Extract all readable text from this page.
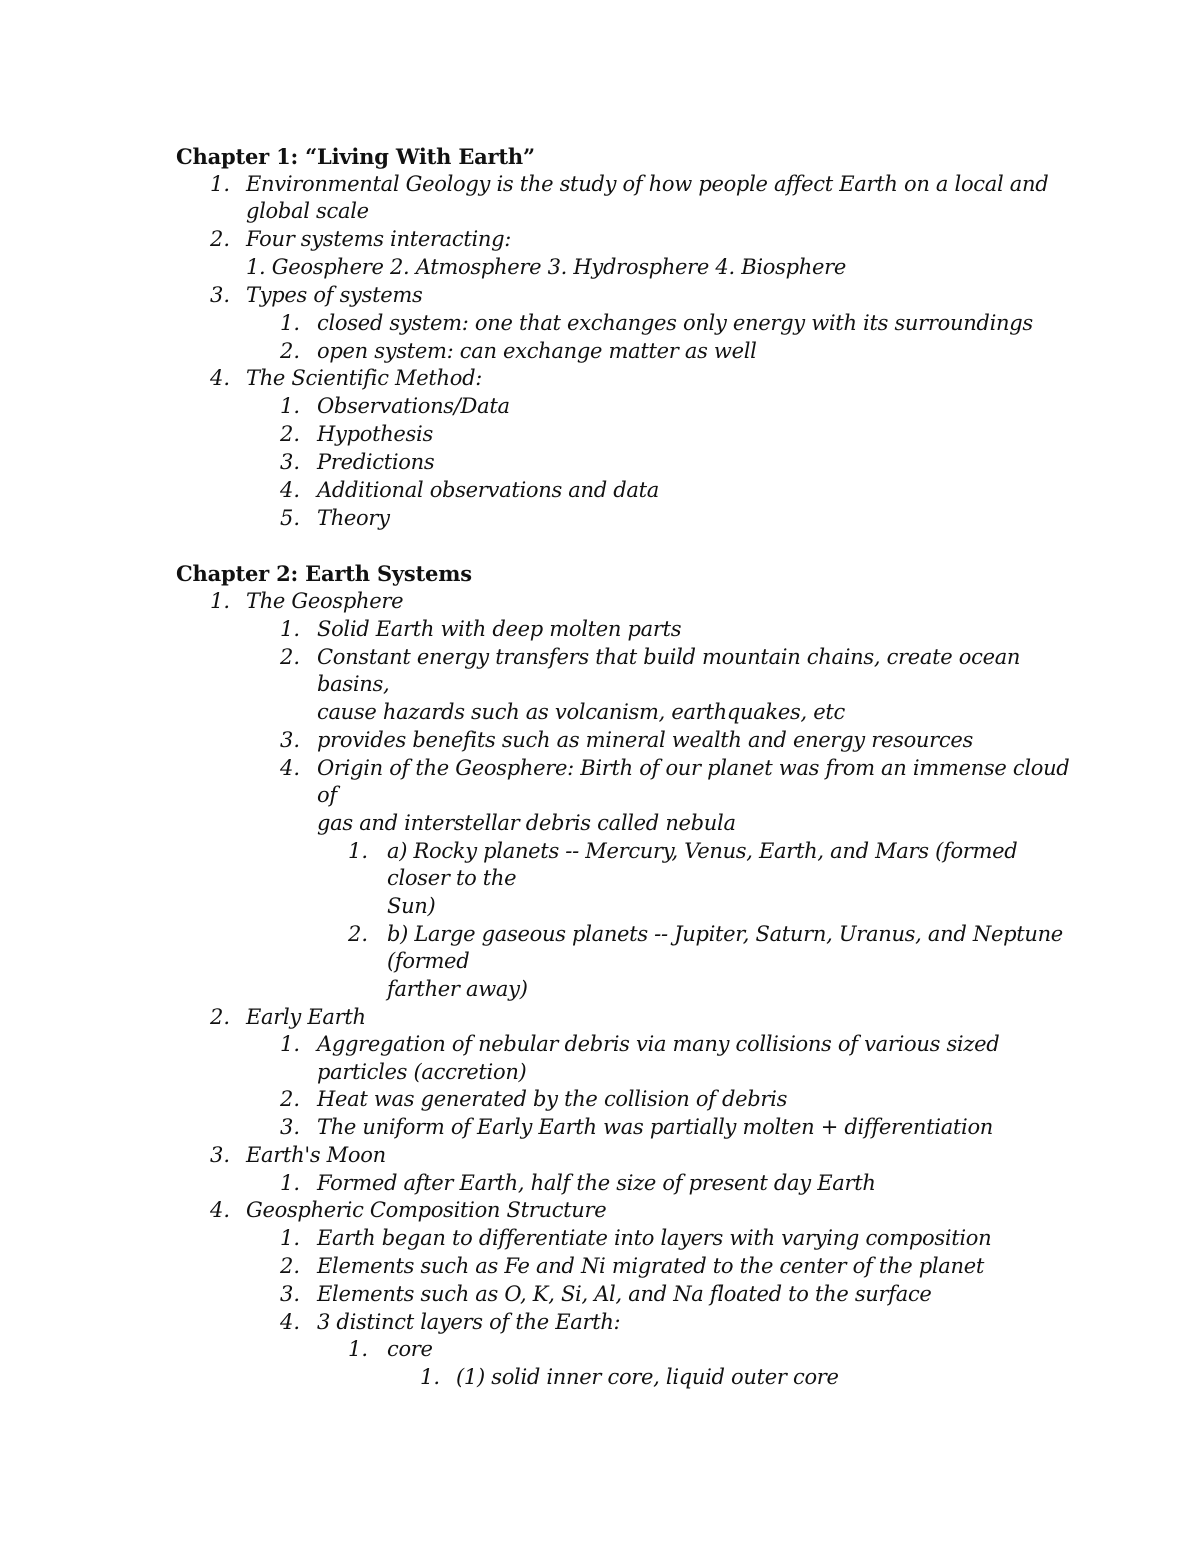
Chapter 1: “Living With Earth”
1. Environmental Geology is the study of how people affect Earth on a local and
global scale
2. Four systems interacting:
1. Geosphere 2. Atmosphere 3. Hydrosphere 4. Biosphere
3. Types of systems
1. closed system: one that exchanges only energy with its surroundings
2. open system: can exchange matter as well
4. The Scientific Method:
1. Observations/Data
2. Hypothesis
3. Predictions
4. Additional observations and data
5. Theory
Chapter 2: Earth Systems
1. The Geosphere
1. Solid Earth with deep molten parts
2. Constant energy transfers that build mountain chains, create ocean
basins,
cause hazards such as volcanism, earthquakes, etc
3. provides benefits such as mineral wealth and energy resources
4. Origin of the Geosphere: Birth of our planet was from an immense cloud
of
gas and interstellar debris called nebula
1. a) Rocky planets -- Mercury, Venus, Earth, and Mars (formed
closer to the
Sun)
2. b) Large gaseous planets -- Jupiter, Saturn, Uranus, and Neptune
(formed
farther away)
2. Early Earth
1. Aggregation of nebular debris via many collisions of various sized
particles (accretion)
2. Heat was generated by the collision of debris
3. The uniform of Early Earth was partially molten + differentiation
3. Earth's Moon
1. Formed after Earth, half the size of present day Earth
4. Geospheric Composition Structure
1. Earth began to differentiate into layers with varying composition
2. Elements such as Fe and Ni migrated to the center of the planet
3. Elements such as O, K, Si, Al, and Na floated to the surface
4. 3 distinct layers of the Earth:
1. core
1. (1) solid inner core, liquid outer core
